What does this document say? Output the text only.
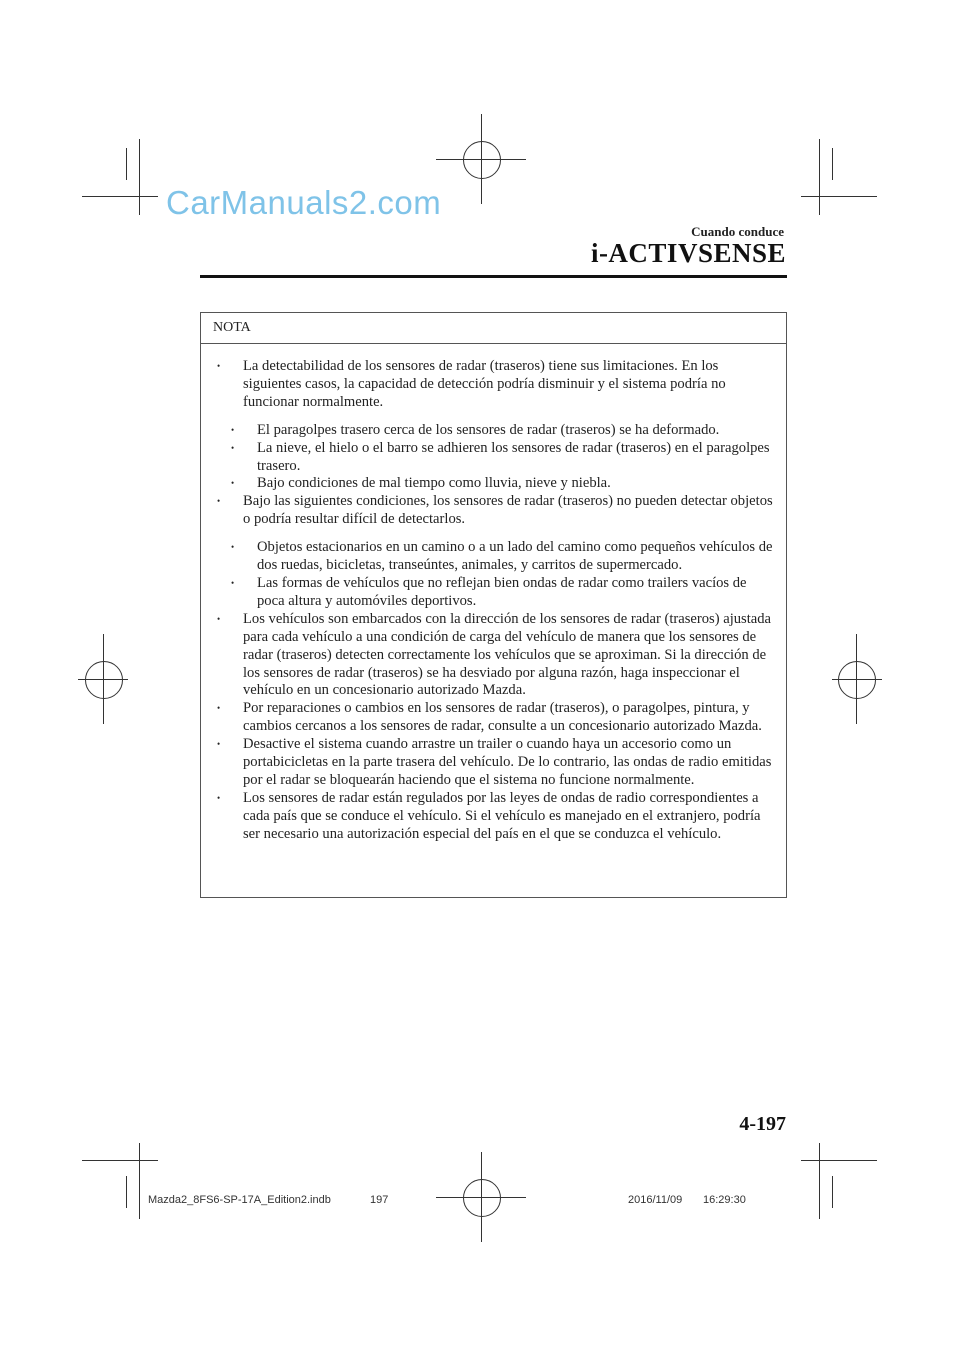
CarManuals2.com
Cuando conduce
i-ACTIVSENSE
NOTA
• La detectabilidad de los sensores de radar (traseros) tiene sus limitaciones. En los siguientes casos, la capacidad de detección podría disminuir y el sistema podría no funcionar normalmente.
• El paragolpes trasero cerca de los sensores de radar (traseros) se ha deformado.
• La nieve, el hielo o el barro se adhieren los sensores de radar (traseros) en el paragolpes trasero.
• Bajo condiciones de mal tiempo como lluvia, nieve y niebla.
• Bajo las siguientes condiciones, los sensores de radar (traseros) no pueden detectar objetos o podría resultar difícil de detectarlos.
• Objetos estacionarios en un camino o a un lado del camino como pequeños vehículos de dos ruedas, bicicletas, transeúntes, animales, y carritos de supermercado.
• Las formas de vehículos que no reflejan bien ondas de radar como trailers vacíos de poca altura y automóviles deportivos.
• Los vehículos son embarcados con la dirección de los sensores de radar (traseros) ajustada para cada vehículo a una condición de carga del vehículo de manera que los sensores de radar (traseros) detecten correctamente los vehículos que se aproximan. Si la dirección de los sensores de radar (traseros) se ha desviado por alguna razón, haga inspeccionar el vehículo en un concesionario autorizado Mazda.
• Por reparaciones o cambios en los sensores de radar (traseros), o paragolpes, pintura, y cambios cercanos a los sensores de radar, consulte a un concesionario autorizado Mazda.
• Desactive el sistema cuando arrastre un trailer o cuando haya un accesorio como un portabicicletas en la parte trasera del vehículo. De lo contrario, las ondas de radio emitidas por el radar se bloquearán haciendo que el sistema no funcione normalmente.
• Los sensores de radar están regulados por las leyes de ondas de radio correspondientes a cada país que se conduce el vehículo. Si el vehículo es manejado en el extranjero, podría ser necesario una autorización especial del país en el que se conduzca el vehículo.
4-197
Mazda2_8FS6-SP-17A_Edition2.indb	197	2016/11/09 16:29:30
